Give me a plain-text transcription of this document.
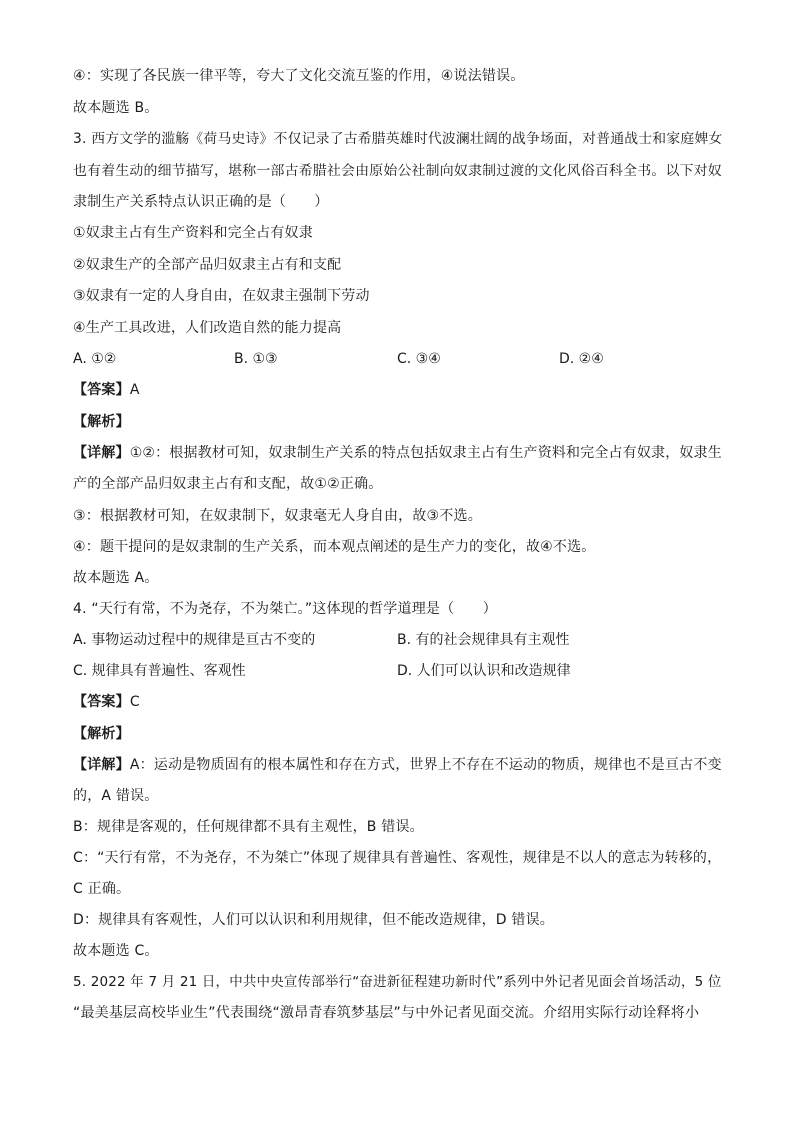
④：实现了各民族一律平等，夸大了文化交流互鉴的作用，④说法错误。
故本题选 B。
3. 西方文学的滥觞《荷马史诗》不仅记录了古希腊英雄时代波澜壮阔的战争场面，对普通战士和家庭婢女
也有着生动的细节描写，堪称一部古希腊社会由原始公社制向奴隶制过渡的文化风俗百科全书。以下对奴
隶制生产关系特点认识正确的是（　　）
①奴隶主占有生产资料和完全占有奴隶
②奴隶生产的全部产品归奴隶主占有和支配
③奴隶有一定的人身自由，在奴隶主强制下劳动
④生产工具改进，人们改造自然的能力提高
A. ①②	B. ①③	C. ③④	D. ②④
【答案】A
【解析】
【详解】①②：根据教材可知，奴隶制生产关系的特点包括奴隶主占有生产资料和完全占有奴隶，奴隶生
产的全部产品归奴隶主占有和支配，故①②正确。
③：根据教材可知，在奴隶制下，奴隶毫无人身自由，故③不选。
④：题干提问的是奴隶制的生产关系，而本观点阐述的是生产力的变化，故④不选。
故本题选 A。
4. “天行有常，不为尧存，不为桀亡。”这体现的哲学道理是（　　）
A. 事物运动过程中的规律是亘古不变的	B. 有的社会规律具有主观性
C. 规律具有普遍性、客观性	D. 人们可以认识和改造规律
【答案】C
【解析】
【详解】A：运动是物质固有的根本属性和存在方式，世界上不存在不运动的物质，规律也不是亘古不变
的，A 错误。
B：规律是客观的，任何规律都不具有主观性，B 错误。
C：“天行有常，不为尧存，不为桀亡”体现了规律具有普遍性、客观性，规律是不以人的意志为转移的，
C 正确。
D：规律具有客观性，人们可以认识和利用规律，但不能改造规律，D 错误。
故本题选 C。
5. 2022 年 7 月 21 日，中共中央宣传部举行“奋进新征程建功新时代”系列中外记者见面会首场活动，5 位
“最美基层高校毕业生”代表围绕“激昂青春筑梦基层”与中外记者见面交流。介绍用实际行动诠释将小
